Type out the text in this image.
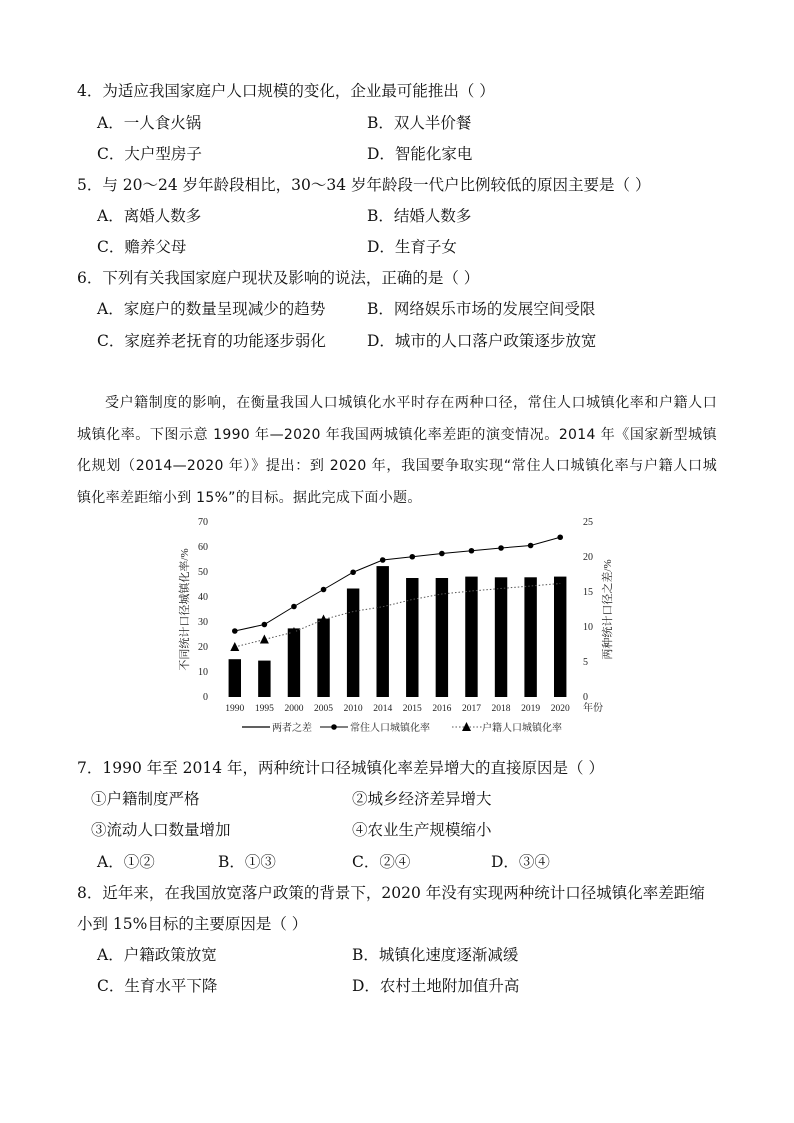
4．为适应我国家庭户人口规模的变化，企业最可能推出（ ）
A．一人食火锅	B．双人半价餐
C．大户型房子	D．智能化家电
5．与 20～24 岁年龄段相比，30～34 岁年龄段一代户比例较低的原因主要是（ ）
A．离婚人数多	B．结婚人数多
C．赡养父母	D．生育子女
6．下列有关我国家庭户现状及影响的说法，正确的是（ ）
A．家庭户的数量呈现减少的趋势	B．网络娱乐市场的发展空间受限
C．家庭养老抚育的功能逐步弱化	D．城市的人口落户政策逐步放宽

受户籍制度的影响，在衡量我国人口城镇化水平时存在两种口径，常住人口城镇化率和户籍人口城镇化率。下图示意 1990 年—2020 年我国两城镇化率差距的演变情况。2014 年《国家新型城镇化规划（2014—2020 年）》提出：到 2020 年，我国要争取实现“常住人口城镇化率与户籍人口城镇化率差距缩小到 15%”的目标。据此完成下面小题。

0
10
20
30
40
50
60
70
0
5
10
15
20
25
1990 1995 2000 2005 2010 2014 2015 2016 2017 2018 2019 2020 年份
不同统计口径城镇化率/%	两种统计口径之差/%
两者之差	常住人口城镇化率	户籍人口城镇化率
7．1990 年至 2014 年，两种统计口径城镇化率差异增大的直接原因是（ ）
①户籍制度严格	②城乡经济差异增大
③流动人口数量增加	④农业生产规模缩小
A．①②	B．①③	C．②④	D．③④
8．近年来，在我国放宽落户政策的背景下，2020 年没有实现两种统计口径城镇化率差距缩
小到 15%目标的主要原因是（ ）
A．户籍政策放宽	B．城镇化速度逐渐减缓
C．生育水平下降	D．农村土地附加值升高
